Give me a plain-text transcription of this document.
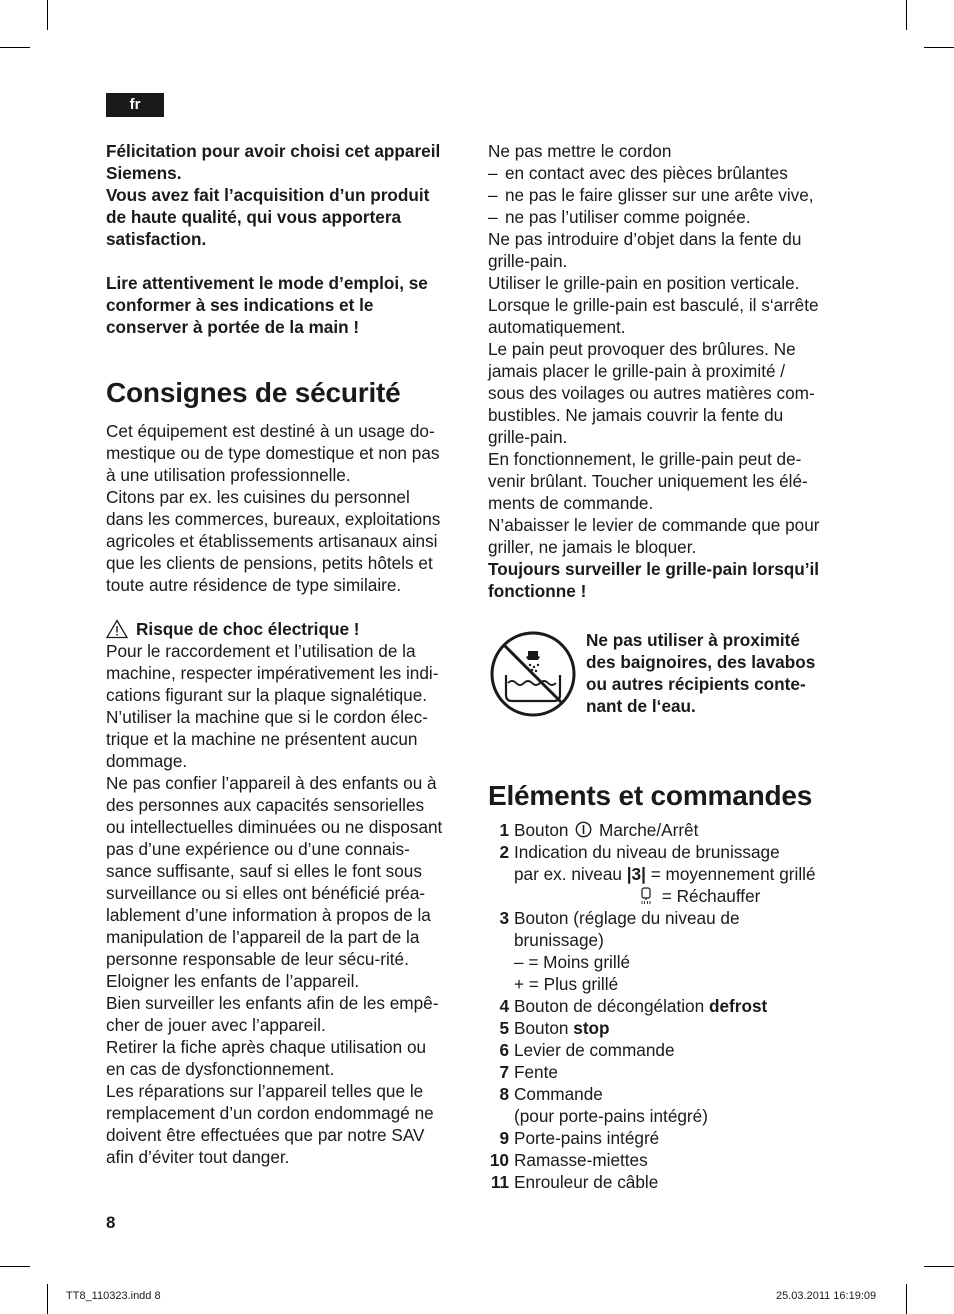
fr

Félicitation pour avoir choisi cet appareil

Siemens.

Vous avez fait l’acquisition d’un produit

de haute qualité, qui vous apportera

satisfaction.

Lire attentivement le mode d’emploi, se

conformer à ses indications et le

conserver à portée de la main !

Consignes de sécurité

Cet équipement est destiné à un usage do-

mestique ou de type domestique et non pas

à une utilisation professionnelle.

Citons par ex. les cuisines du personnel

dans les commerces, bureaux, exploitations

agricoles et établissements artisanaux ainsi

que les clients de pensions, petits hôtels et

toute autre résidence de type similaire.

Risque de choc électrique !

Pour le raccordement et l’utilisation de la

machine, respecter impérativement les indi-

cations figurant sur la plaque signalétique.

N’utiliser la machine que si le cordon élec-

trique et la machine ne présentent aucun

dommage.

Ne pas confier l’appareil à des enfants ou à

des personnes aux capacités sensorielles

ou intellectuelles diminuées ou ne disposant

pas d’une expérience ou d’une connais-

sance suffisante, sauf si elles le font sous

surveillance ou si elles ont bénéficié préa-

lablement d’une information à propos de la

manipulation de l’appareil de la part de la

personne responsable de leur sécu-rité.

Eloigner les enfants de l’appareil.

Bien surveiller les enfants afin de les empê-

cher de jouer avec l’appareil.

Retirer la fiche après chaque utilisation ou

en cas de dysfonctionnement.

Les réparations sur l’appareil telles que le

remplacement d’un cordon endommagé ne

doivent être effectuées que par notre SAV

afin d’éviter tout danger.

Ne pas mettre le cordon

– en contact avec des pièces brûlantes
– ne pas le faire glisser sur une arête vive,
– ne pas l’utiliser comme poignée.

Ne pas introduire d’objet dans la fente du

grille-pain.

Utiliser le grille-pain en position verticale.

Lorsque le grille-pain est basculé, il s‘arrête

automatiquement.

Le pain peut provoquer des brûlures. Ne

jamais placer le grille-pain à proximité /

sous des voilages ou autres matières com-

bustibles. Ne jamais couvrir la fente du

grille-pain.

En fonctionnement, le grille-pain peut de-

venir brûlant. Toucher uniquement les élé-

ments de commande.

N’abaisser le levier de commande que pour

griller, ne jamais le bloquer.

Toujours surveiller le grille-pain lorsqu’il

fonctionne !

Ne pas utiliser à proximité

des baignoires, des lavabos

ou autres récipients conte-

nant de l‘eau.

Eléments et commandes
1 Bouton Marche/Arrêt
2 Indication du niveau de brunissage

par ex. niveau |3| = moyennement grillé

= Réchauffer

3 Bouton (réglage du niveau de

brunissage)

– = Moins grillé

+ = Plus grillé

4 Bouton de décongélation defrost
5 Bouton stop
6 Levier de commande
7 Fente
8 Commande

(pour porte-pains intégré)

9 Porte-pains intégré
10 Ramasse-miettes
11 Enrouleur de câble
8
TT8_110323.indd 8	25.03.2011 16:19:09
